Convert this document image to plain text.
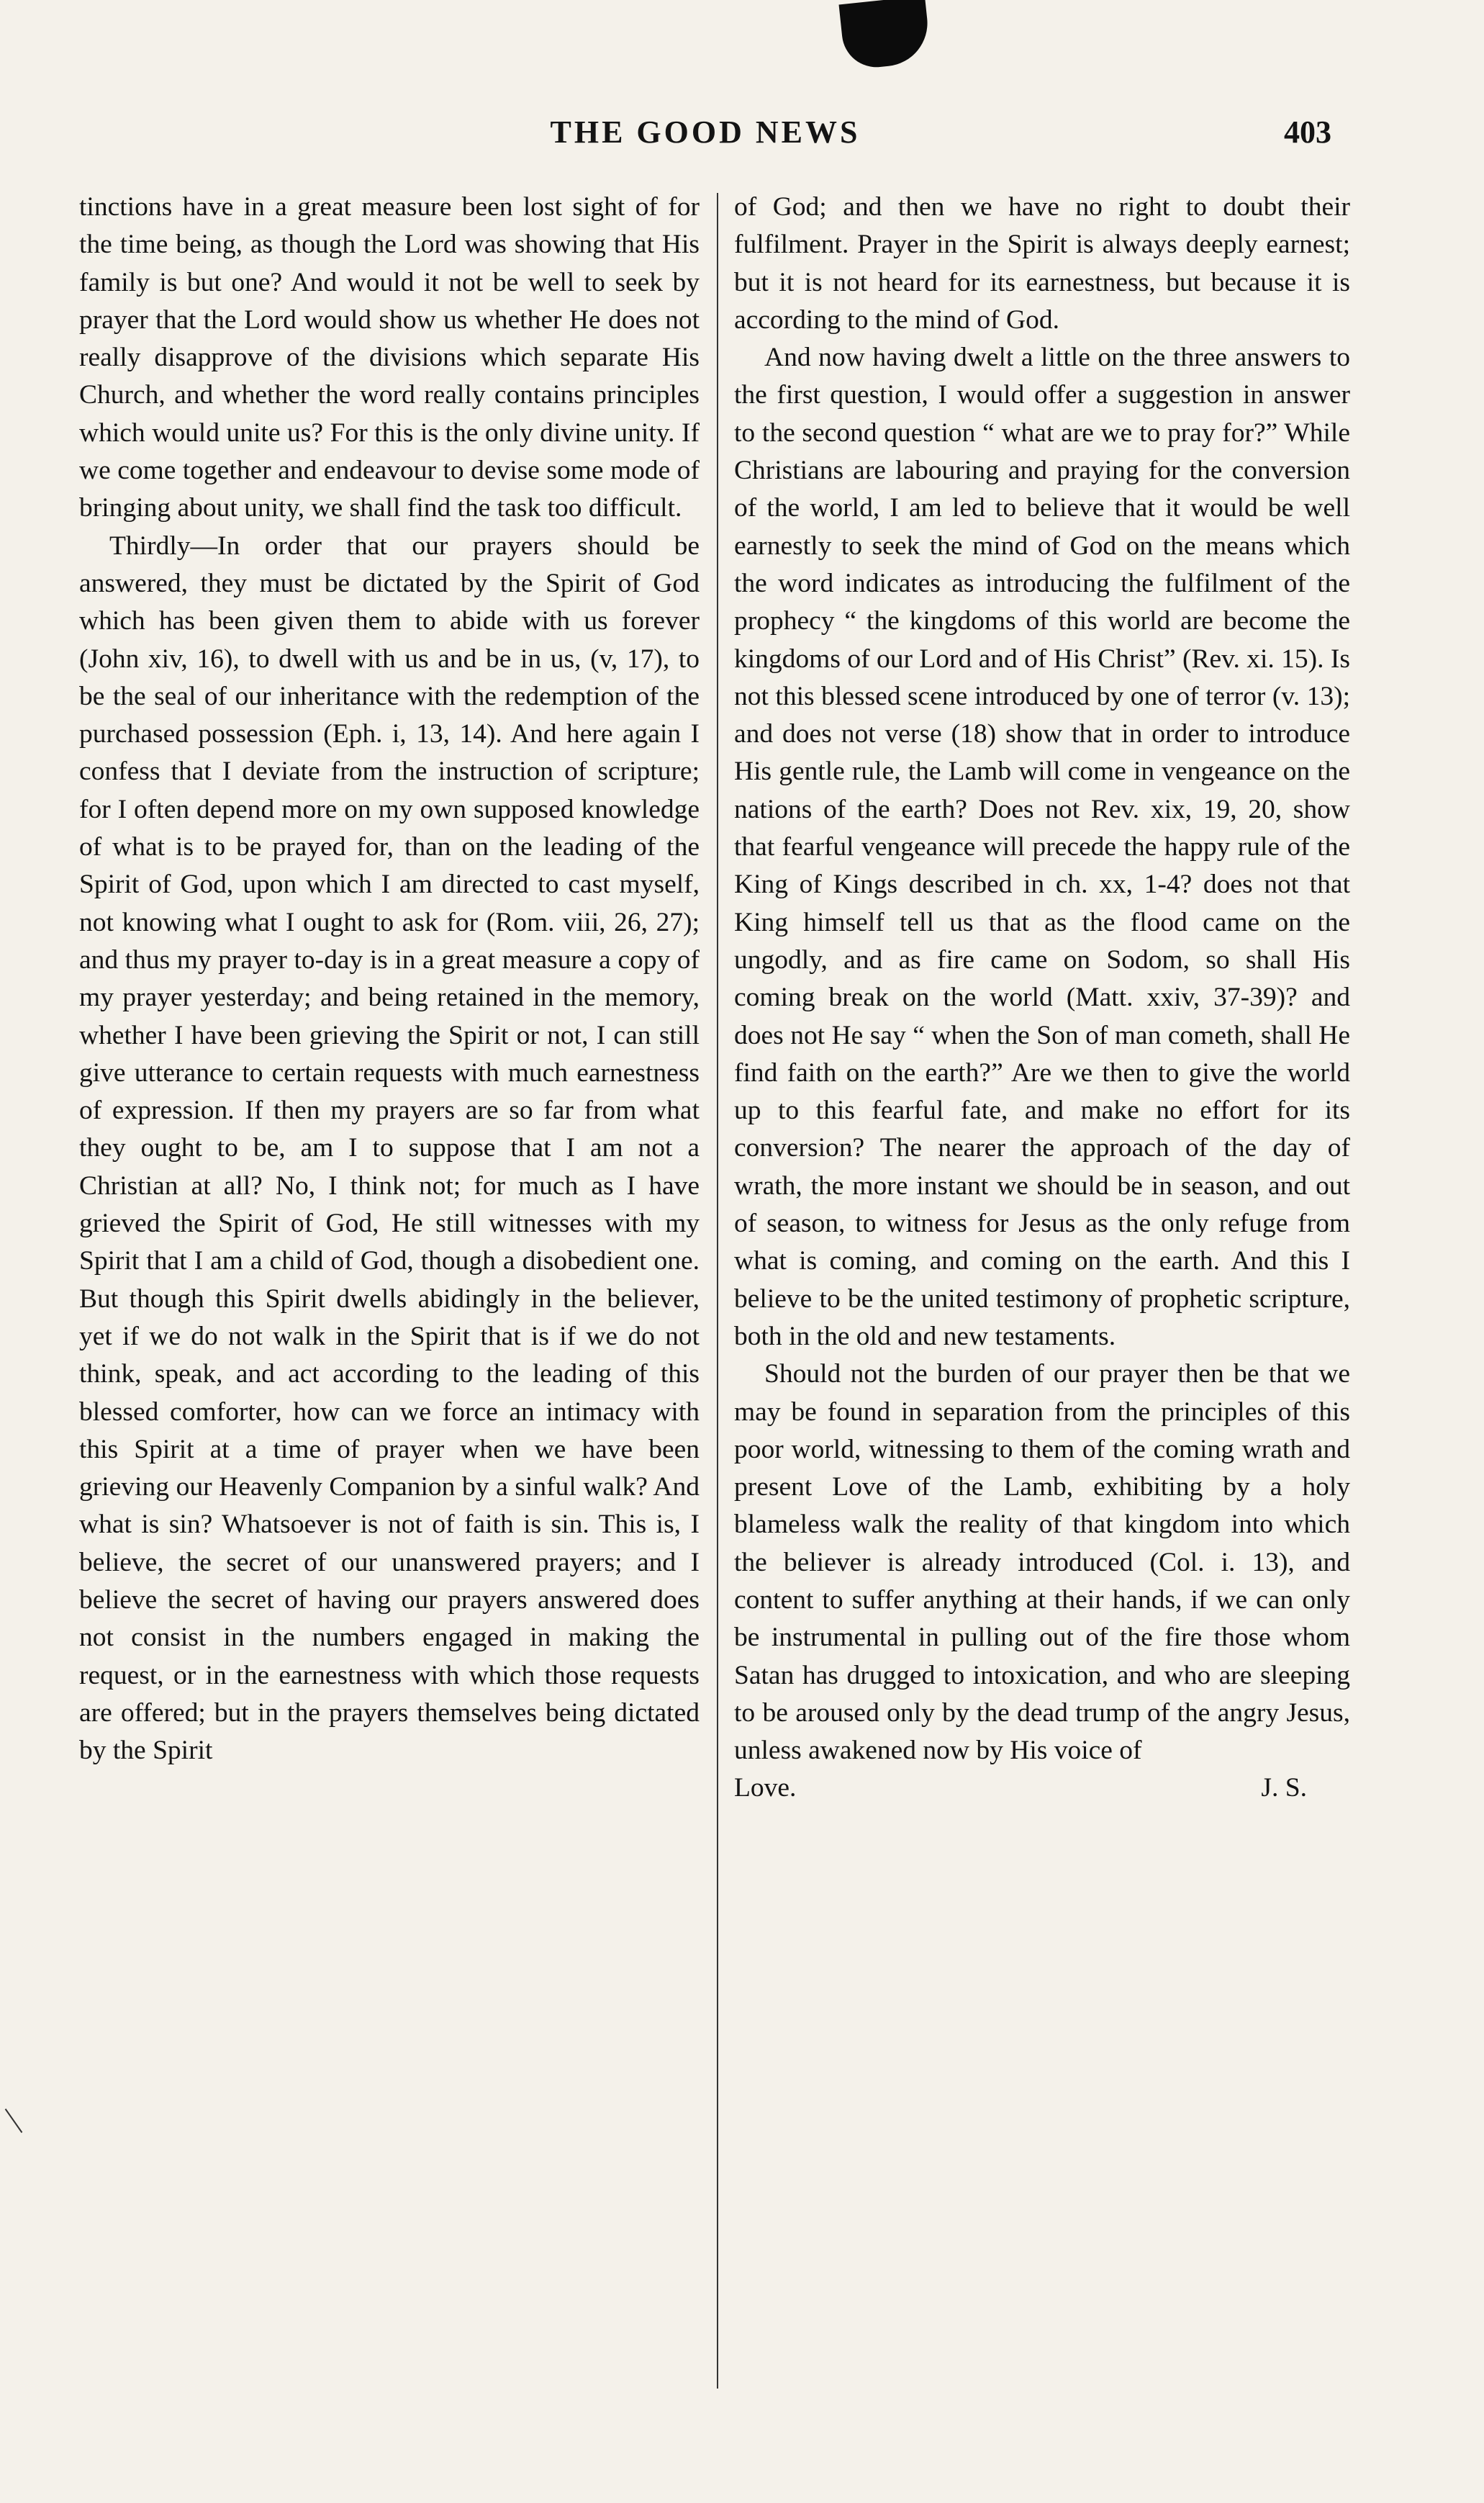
THE GOOD NEWS	403

tinctions have in a great measure been lost sight of for the time being, as though the Lord was showing that His family is but one? And would it not be well to seek by prayer that the Lord would show us whether He does not really disapprove of the divisions which separate His Church, and whether the word really contains principles which would unite us? For this is the only divine unity. If we come together and endeavour to devise some mode of bringing about unity, we shall find the task too difficult.

Thirdly—In order that our prayers should be answered, they must be dictated by the Spirit of God which has been given them to abide with us forever (John xiv, 16), to dwell with us and be in us, (v, 17), to be the seal of our inheritance with the redemption of the purchased possession (Eph. i, 13, 14). And here again I confess that I deviate from the instruction of scripture; for I often depend more on my own supposed knowledge of what is to be prayed for, than on the leading of the Spirit of God, upon which I am directed to cast myself, not knowing what I ought to ask for (Rom. viii, 26, 27); and thus my prayer to-day is in a great measure a copy of my prayer yesterday; and being retained in the memory, whether I have been grieving the Spirit or not, I can still give utterance to certain requests with much earnestness of expression. If then my prayers are so far from what they ought to be, am I to suppose that I am not a Christian at all? No, I think not; for much as I have grieved the Spirit of God, He still witnesses with my Spirit that I am a child of God, though a disobedient one. But though this Spirit dwells abidingly in the believer, yet if we do not walk in the Spirit that is if we do not think, speak, and act according to the leading of this blessed comforter, how can we force an intimacy with this Spirit at a time of prayer when we have been grieving our Heavenly Companion by a sinful walk? And what is sin? Whatsoever is not of faith is sin. This is, I believe, the secret of our unanswered prayers; and I believe the secret of having our prayers answered does not consist in the numbers engaged in making the request, or in the earnestness with which those requests are offered; but in the prayers themselves being dictated by the Spirit

of God; and then we have no right to doubt their fulfilment. Prayer in the Spirit is always deeply earnest; but it is not heard for its earnestness, but because it is according to the mind of God.

And now having dwelt a little on the three answers to the first question, I would offer a suggestion in answer to the second question “ what are we to pray for?” While Christians are labouring and praying for the conversion of the world, I am led to believe that it would be well earnestly to seek the mind of God on the means which the word indicates as introducing the fulfilment of the prophecy “ the kingdoms of this world are become the kingdoms of our Lord and of His Christ” (Rev. xi. 15). Is not this blessed scene introduced by one of terror (v. 13); and does not verse (18) show that in order to introduce His gentle rule, the Lamb will come in vengeance on the nations of the earth? Does not Rev. xix, 19, 20, show that fearful vengeance will precede the happy rule of the King of Kings described in ch. xx, 1-4? does not that King himself tell us that as the flood came on the ungodly, and as fire came on Sodom, so shall His coming break on the world (Matt. xxiv, 37-39)? and does not He say “ when the Son of man cometh, shall He find faith on the earth?” Are we then to give the world up to this fearful fate, and make no effort for its conversion? The nearer the approach of the day of wrath, the more instant we should be in season, and out of season, to witness for Jesus as the only refuge from what is coming, and coming on the earth. And this I believe to be the united testimony of prophetic scripture, both in the old and new testaments.

Should not the burden of our prayer then be that we may be found in separation from the principles of this poor world, witnessing to them of the coming wrath and present Love of the Lamb, exhibiting by a holy blameless walk the reality of that kingdom into which the believer is already introduced (Col. i. 13), and content to suffer anything at their hands, if we can only be instrumental in pulling out of the fire those whom Satan has drugged to intoxication, and who are sleeping to be aroused only by the dead trump of the angry Jesus, unless awakened now by His voice of

Love.	J. S.
